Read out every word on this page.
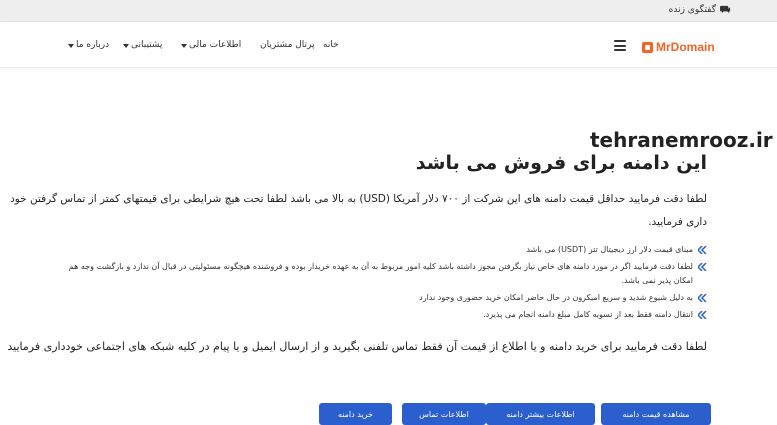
گفتگوی زنده
MrDomain
خانه
پرتال مشتریان
اطلاعات مالی
پشتیبانی
درباره ما
tehranemrooz.ir
این دامنه برای فروش می باشد

لطفا دقت فرمایید حداقل قیمت دامنه های این شرکت از ۷۰۰ دلار آمریکا (USD) به بالا می باشد لطفا تحت هیچ شرایطی برای قیمتهای کمتر از تماس گرفتن خود داری فرمایید.

مبنای قیمت دلار ارز دیجیتال تتر (USDT) می باشد
لطفا دقت فرمایید اگر در مورد دامنه های خاص نیاز بگرفتن مجوز داشته باشد کلیه امور مربوط به آن به عهده خریدار بوده و فروشنده هیچگونه مسئولیتی در قبال آن ندارد و بازگشت وجه هم امکان پذیر نمی باشد.
به دلیل شیوع شدید و سریع امیکرون در حال حاضر امکان خرید حضوری وجود ندارد
انتقال دامنه فقط بعد از تسویه کامل مبلغ دامنه انجام می پذیرد.

لطفا دقت فرمایید برای خرید دامنه و یا اطلاع از قیمت آن فقط تماس تلفنی بگیرید و از ارسال ایمیل و یا پیام در کلیه شبکه های اجتماعی خودداری فرمایید

مشاهده قیمت دامنه
اطلاعات بیشتر دامنه
اطلاعات تماس
خرید دامنه
